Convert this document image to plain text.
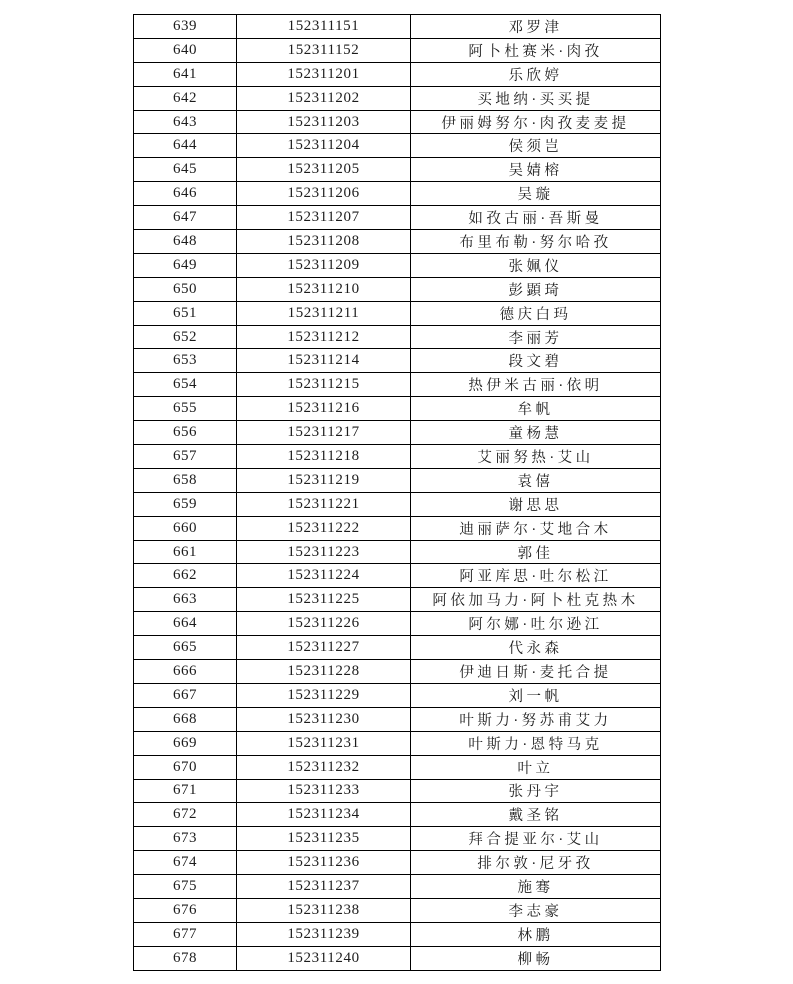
639	152311151	邓罗津
640	152311152	阿卜杜赛米·肉孜
641	152311201	乐欣婷
642	152311202	买地纳·买买提
643	152311203	伊丽姆努尔·肉孜麦麦提
644	152311204	侯须岂
645	152311205	吴婧榕
646	152311206	吴璇
647	152311207	如孜古丽·吾斯曼
648	152311208	布里布勒·努尔哈孜
649	152311209	张姵仪
650	152311210	彭顕琦
651	152311211	德庆白玛
652	152311212	李丽芳
653	152311214	段文碧
654	152311215	热伊米古丽·依明
655	152311216	牟帆
656	152311217	童杨慧
657	152311218	艾丽努热·艾山
658	152311219	袁僖
659	152311221	谢思思
660	152311222	迪丽萨尔·艾地合木
661	152311223	郭佳
662	152311224	阿亚库思·吐尔松江
663	152311225	阿依加马力·阿卜杜克热木
664	152311226	阿尔娜·吐尔逊江
665	152311227	代永森
666	152311228	伊迪日斯·麦托合提
667	152311229	刘一帆
668	152311230	叶斯力·努苏甫艾力
669	152311231	叶斯力·恩特马克
670	152311232	叶立
671	152311233	张丹宇
672	152311234	戴圣铭
673	152311235	拜合提亚尔·艾山
674	152311236	排尔敦·尼牙孜
675	152311237	施骞
676	152311238	李志豪
677	152311239	林鹏
678	152311240	柳畅
